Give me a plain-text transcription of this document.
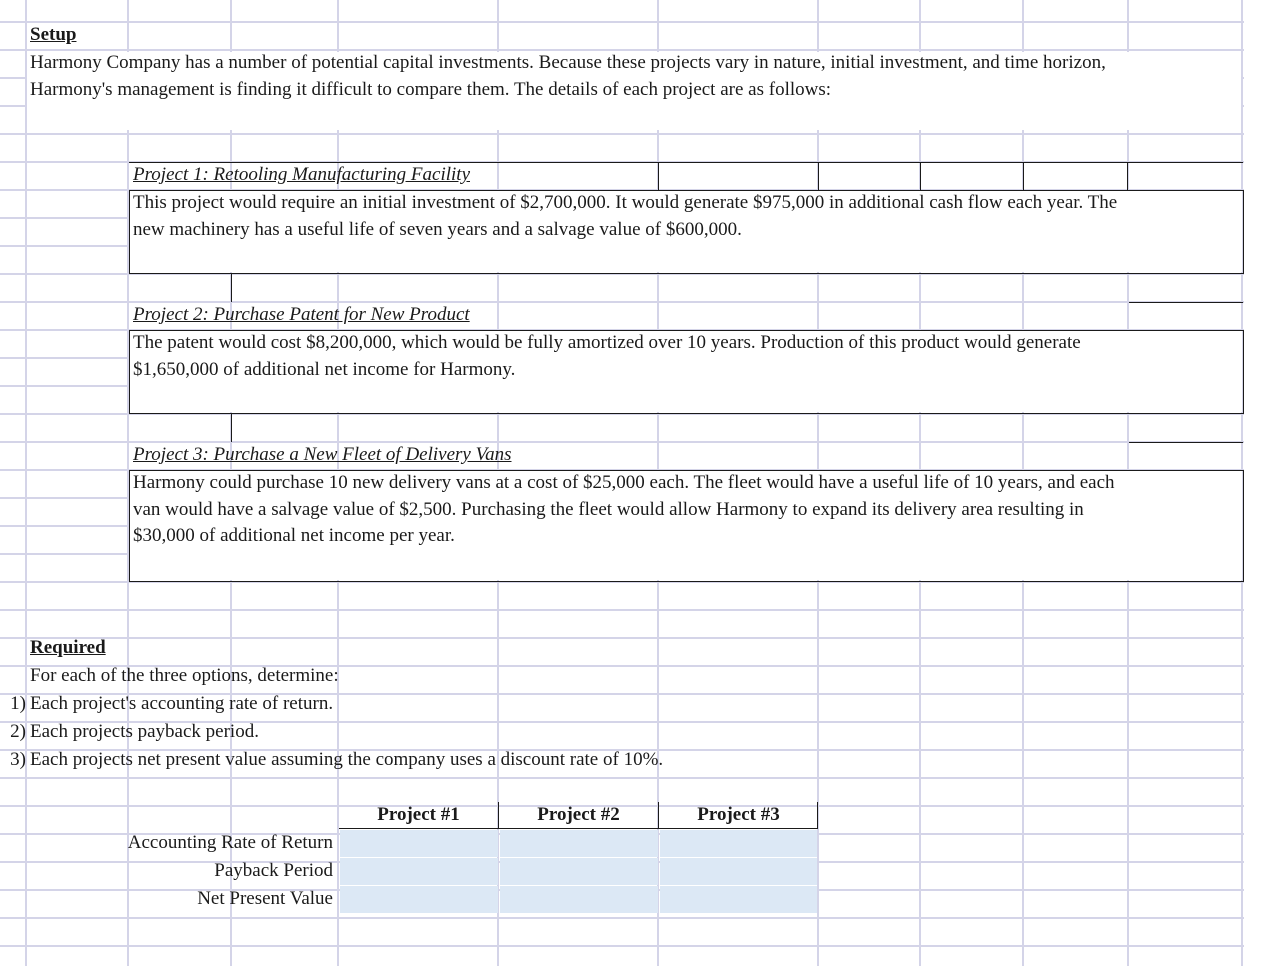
Setup
Harmony Company has a number of potential capital investments. Because these projects vary in nature, initial investment, and time horizon,
Harmony's management is finding it difficult to compare them. The details of each project are as follows:
Project 1: Retooling Manufacturing Facility
This project would require an initial investment of $2,700,000. It would generate $975,000 in additional cash flow each year. The
new machinery has a useful life of seven years and a salvage value of $600,000.
Project 2: Purchase Patent for New Product
The patent would cost $8,200,000, which would be fully amortized over 10 years. Production of this product would generate
$1,650,000 of additional net income for Harmony.
Project 3: Purchase a New Fleet of Delivery Vans
Harmony could purchase 10 new delivery vans at a cost of $25,000 each. The fleet would have a useful life of 10 years, and each
van would have a salvage value of $2,500. Purchasing the fleet would allow Harmony to expand its delivery area resulting in
$30,000 of additional net income per year.
Required
For each of the three options, determine:
1) Each project's accounting rate of return.
2) Each projects payback period.
3) Each projects net present value assuming the company uses a discount rate of 10%.
Project #1	Project #2	Project #3
Accounting Rate of Return
Payback Period
Net Present Value
